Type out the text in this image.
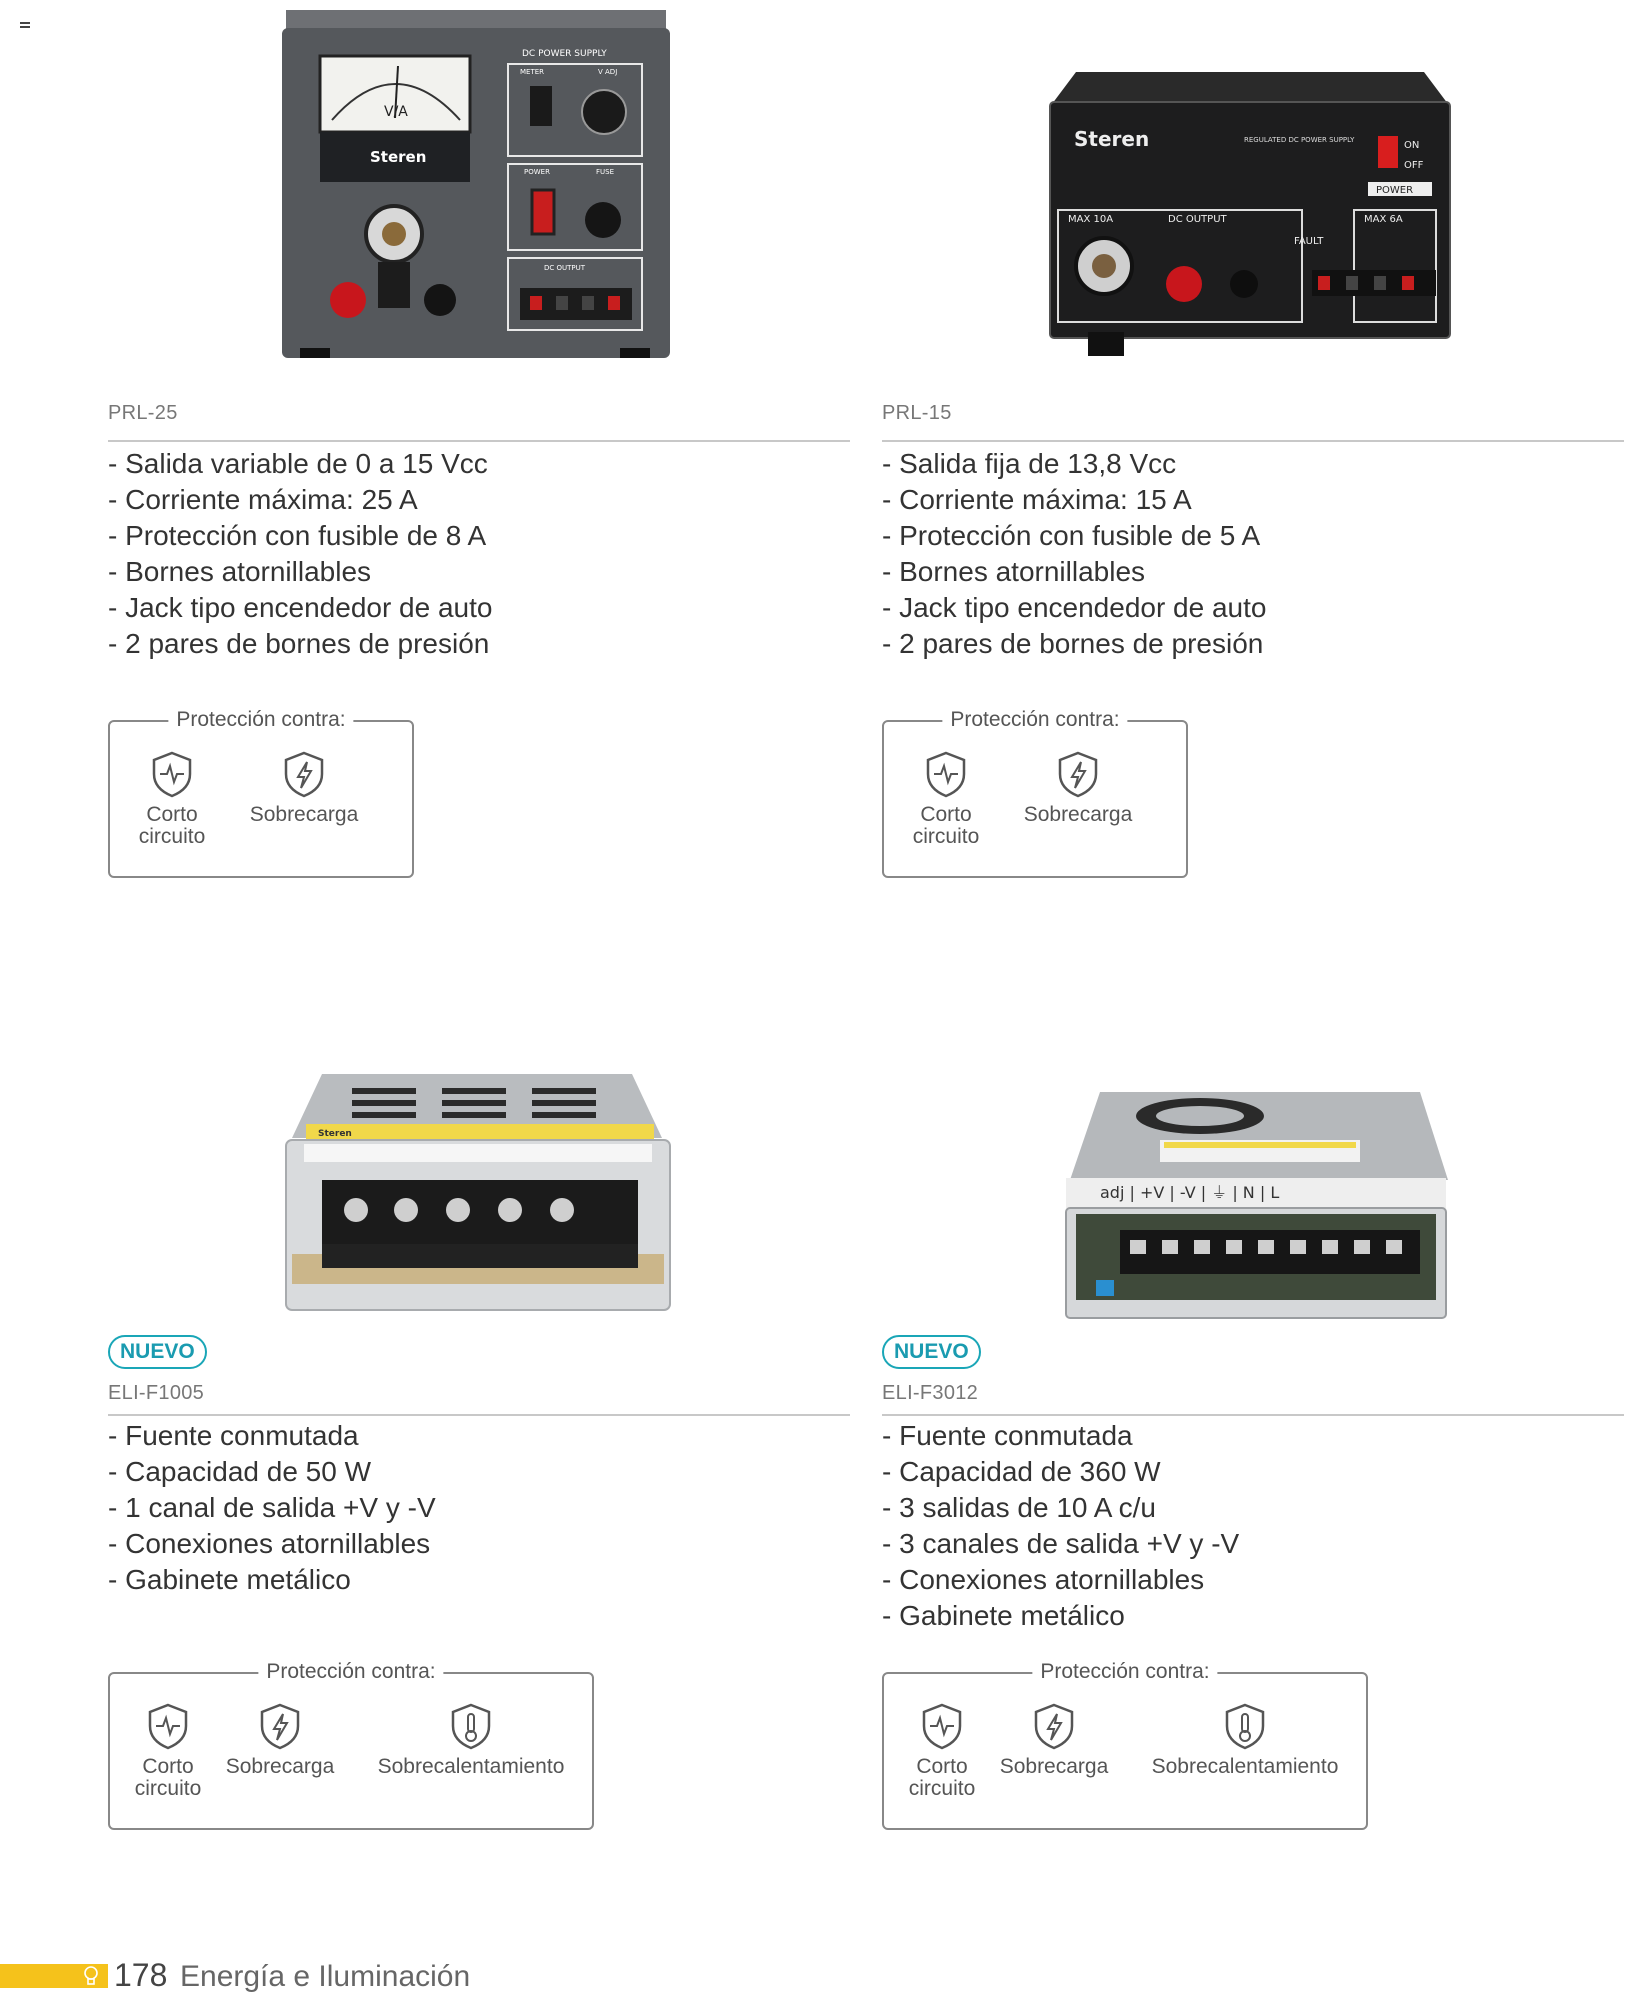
V/A
Steren
DC POWER SUPPLY
METER	V ADJ
POWER	FUSE
DC OUTPUT
PRL-25
- Salida variable de 0 a 15 Vcc
- Corriente máxima: 25 A
- Protección con fusible de 8 A
- Bornes atornillables
- Jack tipo encendedor de auto
- 2 pares de bornes de presión
Protección contra:
Corto
circuito
Sobrecarga
Steren	REGULATED DC POWER SUPPLY	ON
OFF
POWER
MAX 10A	DC OUTPUT
FAULT
MAX 6A
PRL-15
- Salida fija de 13,8 Vcc
- Corriente máxima: 15 A
- Protección con fusible de 5 A
- Bornes atornillables
- Jack tipo encendedor de auto
- 2 pares de bornes de presión
Protección contra:
Corto
circuito
Sobrecarga
Steren
NUEVO
ELI-F1005
- Fuente conmutada
- Capacidad de 50 W
- 1 canal de salida +V y -V
- Conexiones atornillables
- Gabinete metálico
Protección contra:
Corto
circuito
Sobrecarga	Sobrecalentamiento
adj | +V | -V | ⏚ | N | L
NUEVO
ELI-F3012
- Fuente conmutada
- Capacidad de 360 W
- 3 salidas de 10 A c/u
- 3 canales de salida +V y -V
- Conexiones atornillables
- Gabinete metálico
Protección contra:
Corto
circuito
Sobrecarga	Sobrecalentamiento
178 Energía e Iluminación
